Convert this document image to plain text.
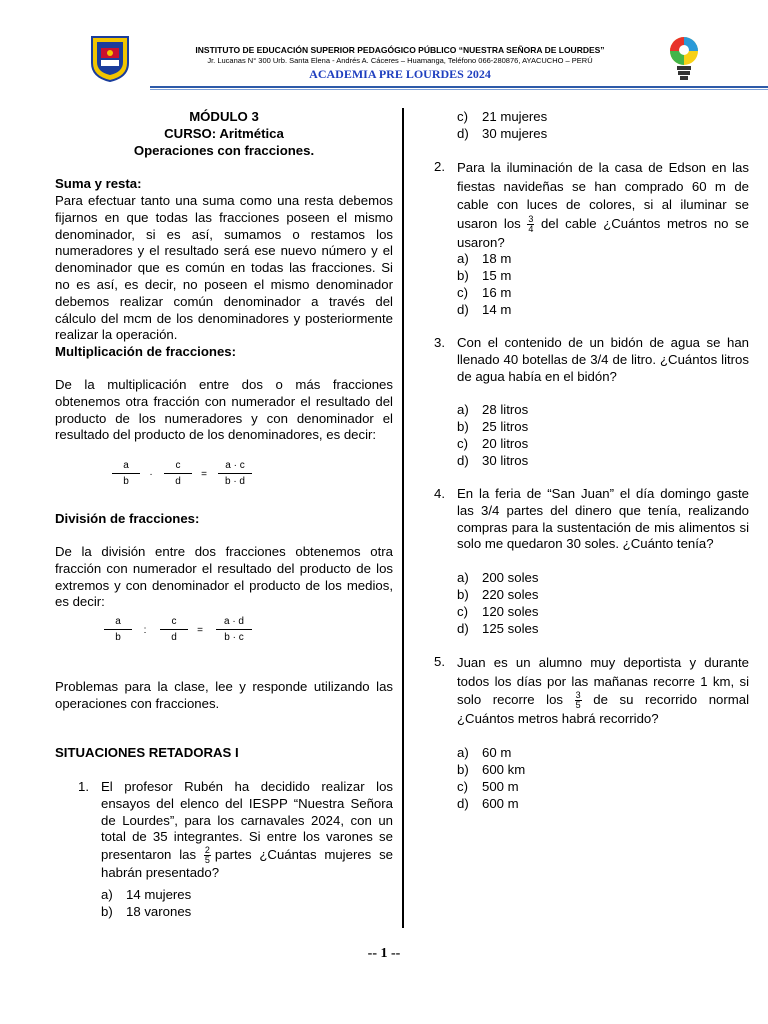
INSTITUTO DE EDUCACIÓN SUPERIOR PEDAGÓGICO PÚBLICO “NUESTRA SEÑORA DE LOURDES”
Jr. Lucanas N° 300 Urb. Santa Elena - Andrés A. Cáceres – Huamanga, Teléfono 066-280876, AYACUCHO – PERÚ
ACADEMIA PRE LOURDES 2024
MÓDULO 3
CURSO: Aritmética
Operaciones con fracciones.
Suma y resta:
Para efectuar tanto una suma como una resta debemos fijarnos en que todas las fracciones poseen el mismo denominador, si es así, sumamos o restamos los numeradores y el resultado será ese nuevo número y el denominador que es común en todas las fracciones. Si no es así, es decir, no poseen el mismo denominador debemos realizar común denominador a través del cálculo del mcm de los denominadores y posteriormente realizar la operación.
Multiplicación de fracciones:
De la multiplicación entre dos o más fracciones obtenemos otra fracción con numerador el resultado del producto de los numeradores y con denominador el resultado del producto de los denominadores, es decir:
a
b
·
c
d
=
a · c
b · d
División de fracciones:
De la división entre dos fracciones obtenemos otra fracción con numerador el resultado del producto de los extremos y con denominador el producto de los medios, es decir:
a
b
:
c
d
=
a · d
b · c
Problemas para la clase, lee y responde utilizando las operaciones con fracciones.
SITUACIONES RETADORAS I
1. El profesor Rubén ha decidido realizar los ensayos del elenco del IESPP “Nuestra Señora de Lourdes”, para los carnavales 2024, con un total de 35 integrantes. Si entre los varones se presentaron las $\frac{2}{5}$ partes ¿Cuántas mujeres se habrán presentado?
a) 14 mujeres
b) 18 varones
c) 21 mujeres
d) 30 mujeres
2. Para la iluminación de la casa de Edson en las fiestas navideñas se han comprado 60 m de cable con luces de colores, si al iluminar se usaron los $\frac{3}{4}$ del cable ¿Cuántos metros no se usaron?
a) 18 m
b) 15 m
c) 16 m
d) 14 m
3. Con el contenido de un bidón de agua se han llenado 40 botellas de 3/4 de litro. ¿Cuántos litros de agua había en el bidón?
a) 28 litros
b) 25 litros
c) 20 litros
d) 30 litros
4. En la feria de “San Juan” el día domingo gaste las 3/4 partes del dinero que tenía, realizando compras para la sustentación de mis alimentos si solo me quedaron 30 soles. ¿Cuánto tenía?
a) 200 soles
b) 220 soles
c) 120 soles
d) 125 soles
5. Juan es un alumno muy deportista y durante todos los días por las mañanas recorre 1 km, si solo recorre los $\frac{3}{5}$ de su recorrido normal ¿Cuántos metros habrá recorrido?
a) 60 m
b) 600 km
c) 500 m
d) 600 m
-- 1 --
